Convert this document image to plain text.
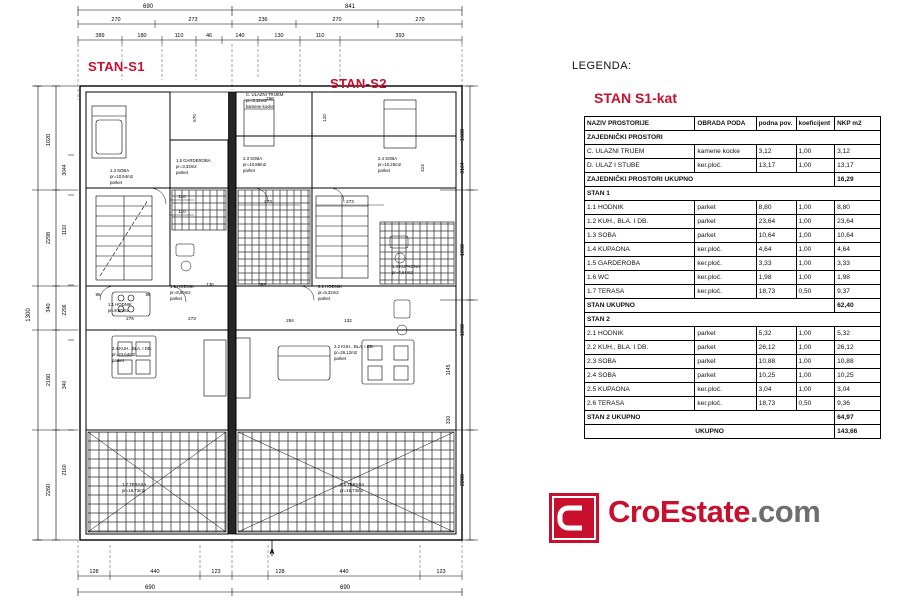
690	841
270	273	236	270	270
389	180	110	46	140	130	110	393
128	440	123	128	440	123
690	690
1300
1020
2298
340
2160
2260
3044
1110
2296
340
2160
1600
3164
1060
1260
2200
1145
310
110
110
273	273
266
570	120
424
276	273	284	132
96	96
136	389
1.3 SOBA
pr=10,64m2
parket
1.5 GARDEROBA
pr=3,33m2
parket
C. ULAZNI TRIJEM
pr=3,12m2
kamene kocke
2.3 SOBA
pr=10,88m2
parket
2.4 SOBA
pr=10,25m2
parket
1.1 HODNIK
pr=8,80m2
parket
2.1 HODNIK
pr=5,32m2
parket
1.1 HODNIK
pr=8,80m2
2.4 KUH., BLA. I DB.
pr=23,64m2
parket
2.2 KUH., BLA. I DB.
pr=26,12m2
parket
1.7 TERASA
pr=18,73m2
2.6 TERASA
pr=18,73m2
1.4 KUPAONA
pr=4,64m2
A
STAN-S1
STAN-S2
LEGENDA:
STAN S1-kat
NAZIV PROSTORIJE	OBRADA PODA	podna pov.	koeficijent	NKP m2
ZAJEDNIČKI PROSTORI				
C. ULAZNI TRIJEM	kamene kocke	3,12	1,00	3,12
D. ULAZ I STUBE	ker.ploč.	13,17	1,00	13,17
ZAJEDNIČKI PROSTORI UKUPNO				16,29
STAN 1				
1.1 HODNIK	parket	8,80	1,00	8,80
1.2 KUH., BLA. I DB.	parket	23,64	1,00	23,64
1.3 SOBA	parket	10,64	1,00	10,64
1.4 KUPAONA	ker.ploč.	4,64	1,00	4,64
1.5 GARDEROBA	ker.ploč.	3,33	1,00	3,33
1.6 WC	ker.ploč.	1,98	1,00	1,98
1.7 TERASA	ker.ploč.	18,73	0,50	9,37
STAN UKUPNO				62,40
STAN 2				
2.1 HODNIK	parket	5,32	1,00	5,32
2.2 KUH., BLA. I DB.	parket	26,12	1,00	26,12
2.3 SOBA	parket	10,88	1,00	10,88
2.4 SOBA	parket	10,25	1,00	10,25
2.5 KUPAONA	ker.ploč.	3,04	1,00	3,04
2.6 TERASA	ker.ploč.	18,73	0,50	9,36
STAN 2 UKUPNO				64,97
UKUPNO				143,66
CroEstate.com
